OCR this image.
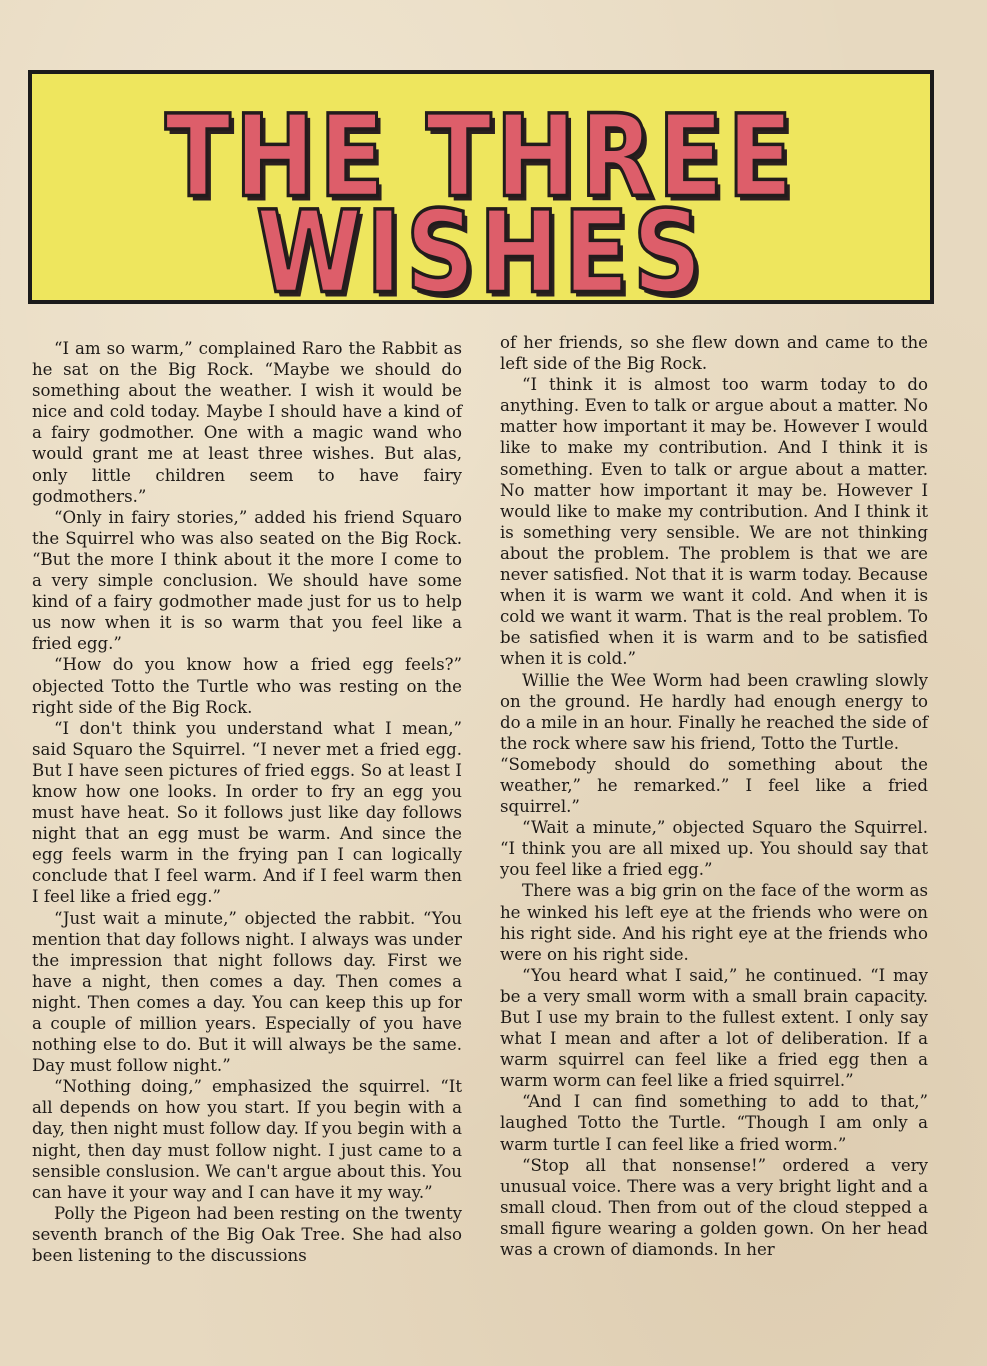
THE THREE
WISHES

“I am so warm,” complained Raro the Rabbit as he sat on the Big Rock. “Maybe we should do something about the weather. I wish it would be nice and cold today. Maybe I should have a kind of a fairy godmother. One with a magic wand who would grant me at least three wishes. But alas, only little children seem to have fairy godmothers.”

“Only in fairy stories,” added his friend Squaro the Squirrel who was also seated on the Big Rock. “But the more I think about it the more I come to a very simple conclusion. We should have some kind of a fairy godmother made just for us to help us now when it is so warm that you feel like a fried egg.”

“How do you know how a fried egg feels?” objected Totto the Turtle who was resting on the right side of the Big Rock.

“I don't think you understand what I mean,” said Squaro the Squirrel. “I never met a fried egg. But I have seen pictures of fried eggs. So at least I know how one looks. In order to fry an egg you must have heat. So it follows just like day follows night that an egg must be warm. And since the egg feels warm in the frying pan I can logically conclude that I feel warm. And if I feel warm then I feel like a fried egg.”

“Just wait a minute,” objected the rabbit. “You mention that day follows night. I always was under the impression that night follows day. First we have a night, then comes a day. Then comes a night. Then comes a day. You can keep this up for a couple of million years. Especially of you have nothing else to do. But it will always be the same. Day must follow night.”

“Nothing doing,” emphasized the squirrel. “It all depends on how you start. If you begin with a day, then night must follow day. If you begin with a night, then day must follow night. I just came to a sensible conslusion. We can't argue about this. You can have it your way and I can have it my way.”

Polly the Pigeon had been resting on the twenty seventh branch of the Big Oak Tree. She had also been listening to the discussions

of her friends, so she flew down and came to the left side of the Big Rock.

“I think it is almost too warm today to do anything. Even to talk or argue about a matter. No matter how important it may be. However I would like to make my contribution. And I think it is something. Even to talk or argue about a matter. No matter how important it may be. However I would like to make my contribution. And I think it is something very sensible. We are not thinking about the problem. The problem is that we are never satisfied. Not that it is warm today. Because when it is warm we want it cold. And when it is cold we want it warm. That is the real problem. To be satisfied when it is warm and to be satisfied when it is cold.”

Willie the Wee Worm had been crawling slowly on the ground. He hardly had enough energy to do a mile in an hour. Finally he reached the side of the rock where saw his friend, Totto the Turtle.

“Somebody should do something about the weather,” he remarked.” I feel like a fried squirrel.”

“Wait a minute,” objected Squaro the Squirrel. “I think you are all mixed up. You should say that you feel like a fried egg.”

There was a big grin on the face of the worm as he winked his left eye at the friends who were on his right side. And his right eye at the friends who were on his right side.

“You heard what I said,” he continued. “I may be a very small worm with a small brain capacity. But I use my brain to the fullest extent. I only say what I mean and after a lot of deliberation. If a warm squirrel can feel like a fried egg then a warm worm can feel like a fried squirrel.”

“And I can find something to add to that,” laughed Totto the Turtle. “Though I am only a warm turtle I can feel like a fried worm.”

“Stop all that nonsense!” ordered a very unusual voice. There was a very bright light and a small cloud. Then from out of the cloud stepped a small figure wearing a golden gown. On her head was a crown of diamonds. In her
